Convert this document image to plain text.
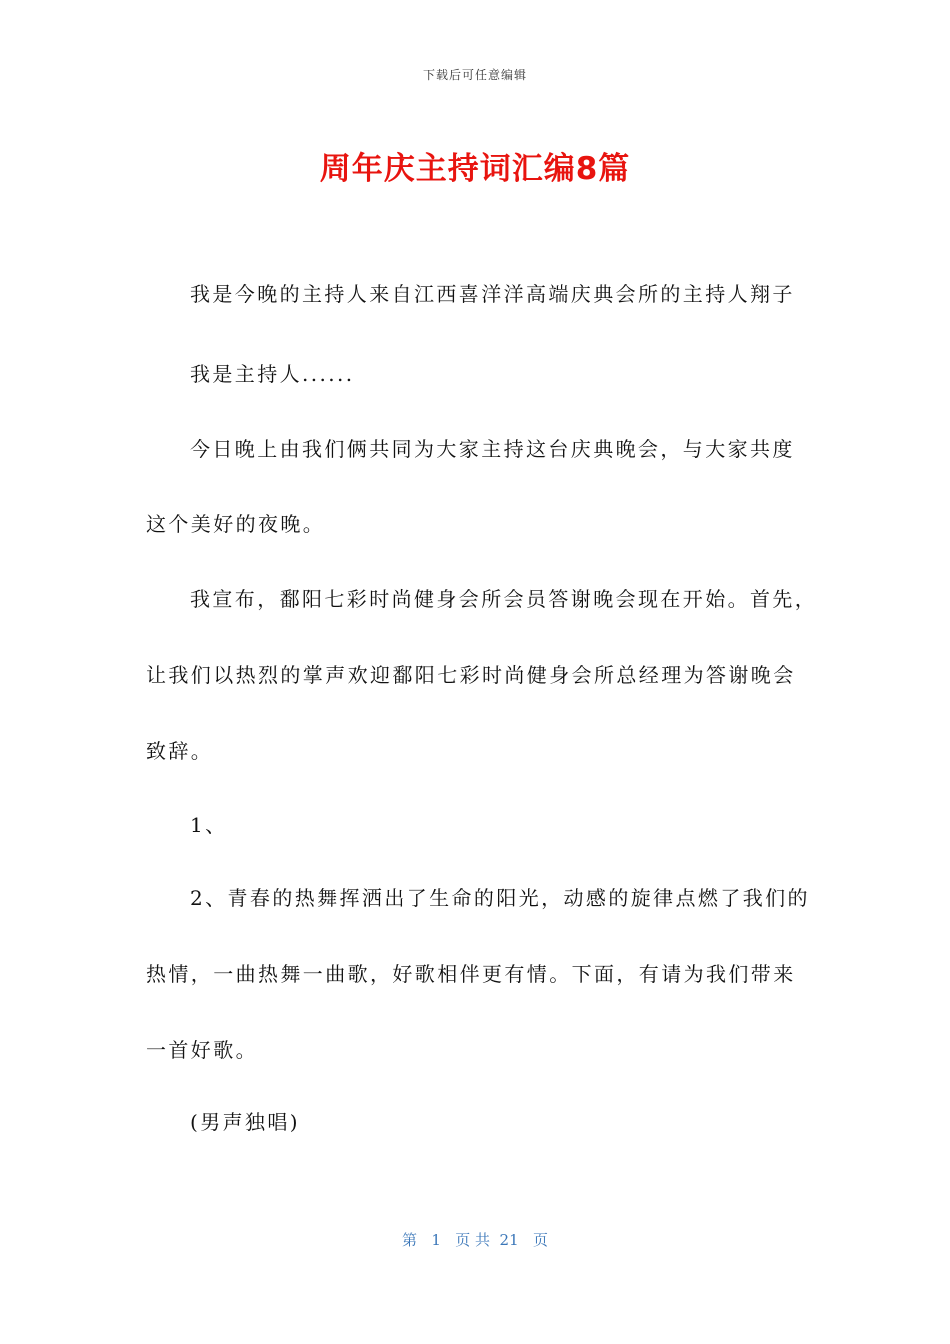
下载后可任意编辑
周年庆主持词汇编8篇
我是今晚的主持人来自江西喜洋洋高端庆典会所的主持人翔子
我是主持人......
今日晚上由我们俩共同为大家主持这台庆典晚会，与大家共度
这个美好的夜晚。
我宣布，鄱阳七彩时尚健身会所会员答谢晚会现在开始。首先，
让我们以热烈的掌声欢迎鄱阳七彩时尚健身会所总经理为答谢晚会
致辞。
1、
2、青春的热舞挥洒出了生命的阳光，动感的旋律点燃了我们的
热情，一曲热舞一曲歌，好歌相伴更有情。下面，有请为我们带来
一首好歌。
(男声独唱)
第 1 页 共 21 页
